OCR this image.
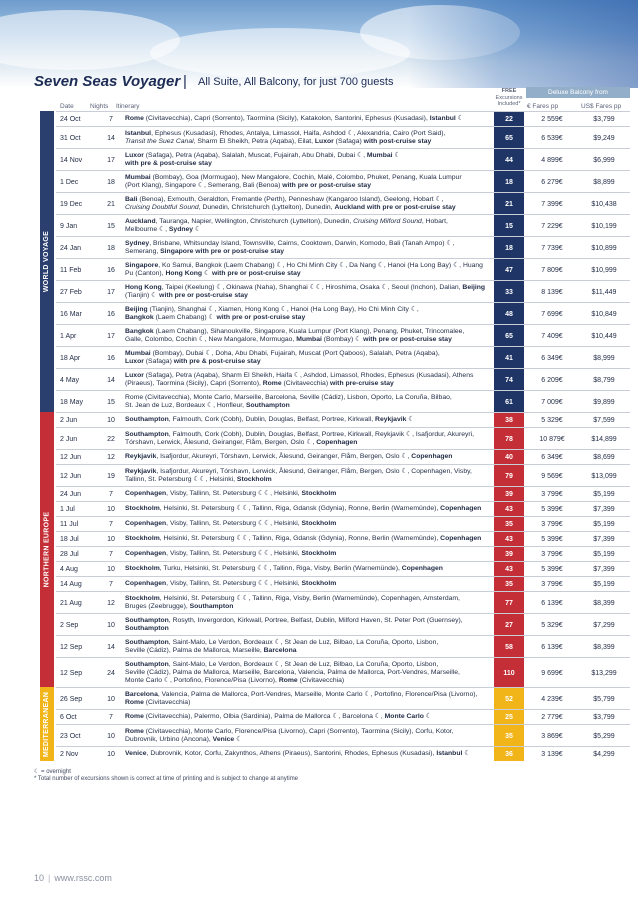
Seven Seas Voyager | All Suite, All Balcony, for just 700 guests
FREE
Excursions
Included*
Deluxe Balcony from
Date	Nights Itinerary	€ Fares pp	US$ Fares pp
WORLD VOYAGE
NORTHERN EUROPE
MEDITERRANEAN
24 Oct	7	Rome (Civitavecchia), Capri (Sorrento), Taormina (Sicily), Katakolon, Santorini, Ephesus (Kusadasi), Istanbul ☾	22	2 559€	$3,799
31 Oct	14
Istanbul, Ephesus (Kusadasi), Rhodes, Antalya, Limassol, Haifa, Ashdod ☾, Alexandria, Cairo (Port Said),
Transit the Suez Canal, Sharm El Sheikh, Petra (Aqaba), Eilat, Luxor (Safaga) with post-cruise stay	65	6 539€	$9,249
14 Nov	17
Luxor (Safaga), Petra (Aqaba), Salalah, Muscat, Fujairah, Abu Dhabi, Dubai ☾, Mumbai ☾
with pre & post-cruise stay	44	4 899€	$6,999
1 Dec	18
Mumbai (Bombay), Goa (Mormugao), New Mangalore, Cochin, Malé, Colombo, Phuket, Penang, Kuala Lumpur
(Port Klang), Singapore ☾, Semerang, Bali (Benoa) with pre or post-cruise stay	18	6 279€	$8,899
19 Dec	21
Bali (Benoa), Exmouth, Geraldton, Fremantle (Perth), Penneshaw (Kangaroo Island), Geelong, Hobart ☾,
Cruising Doubtful Sound, Dunedin, Christchurch (Lyttelton), Dunedin, Auckland with pre or post-cruise stay	21	7 399€	$10,438
9 Jan	15
Auckland, Tauranga, Napier, Wellington, Christchurch (Lyttelton), Dunedin, Cruising Milford Sound, Hobart,
Melbourne ☾, Sydney ☾	15	7 229€	$10,199
24 Jan	18
Sydney, Brisbane, Whitsunday Island, Townsville, Cairns, Cooktown, Darwin, Komodo, Bali (Tanah Ampo) ☾,
Semerang, Singapore with pre or post-cruise stay	18	7 739€	$10,899
11 Feb	16
Singapore, Ko Samui, Bangkok (Laem Chabang) ☾, Ho Chi Minh City ☾, Da Nang ☾, Hanoi (Ha Long Bay) ☾, Huang
Pu (Canton), Hong Kong ☾ with pre or post-cruise stay	47	7 809€	$10,999
27 Feb	17
Hong Kong, Taipei (Keelung) ☾, Okinawa (Naha), Shanghai ☾☾, Hiroshima, Osaka ☾, Seoul (Inchon), Dalian, Beijing
(Tianjin) ☾ with pre or post-cruise stay	33	8 139€	$11,449
16 Mar	16
Beijing (Tianjin), Shanghai ☾, Xiamen, Hong Kong ☾, Hanoi (Ha Long Bay), Ho Chi Minh City ☾,
Bangkok (Laem Chabang) ☾ with pre or post-cruise stay	48	7 699€	$10,849
1 Apr	17
Bangkok (Laem Chabang), Sihanoukville, Singapore, Kuala Lumpur (Port Klang), Penang, Phuket, Trincomalee,
Galle, Colombo, Cochin ☾, New Mangalore, Mormugao, Mumbai (Bombay) ☾ with pre or post-cruise stay	65	7 409€	$10,449
18 Apr	16
Mumbai (Bombay), Dubai ☾, Doha, Abu Dhabi, Fujairah, Muscat (Port Qaboos), Salalah, Petra (Aqaba),
Luxor (Safaga) with pre & post-cruise stay	41	6 349€	$8,999
4 May	14
Luxor (Safaga), Petra (Aqaba), Sharm El Sheikh, Haifa ☾, Ashdod, Limassol, Rhodes, Ephesus (Kusadasi), Athens
(Piraeus), Taormina (Sicily), Capri (Sorrento), Rome (Civitavecchia) with pre-cruise stay	74	6 209€	$8,799
18 May	15
Rome (Civitavecchia), Monte Carlo, Marseille, Barcelona, Seville (Cádiz), Lisbon, Oporto, La Coruña, Bilbao,
St. Jean de Luz, Bordeaux ☾, Honfleur, Southampton	61	7 009€	$9,899
2 Jun	10	Southampton, Falmouth, Cork (Cobh), Dublin, Douglas, Belfast, Portree, Kirkwall, Reykjavik ☾	38	5 329€	$7,599
2 Jun	22
Southampton, Falmouth, Cork (Cobh), Dublin, Douglas, Belfast, Portree, Kirkwall, Reykjavik ☾, Isafjordur, Akureyri,
Tórshavn, Lerwick, Ålesund, Geiranger, Flåm, Bergen, Oslo ☾, Copenhagen	78	10 879€	$14,899
12 Jun	12	Reykjavik, Isafjordur, Akureyri, Tórshavn, Lerwick, Ålesund, Geiranger, Flåm, Bergen, Oslo ☾, Copenhagen	40	6 349€	$8,699
12 Jun	19
Reykjavik, Isafjordur, Akureyri, Tórshavn, Lerwick, Ålesund, Geiranger, Flåm, Bergen, Oslo ☾, Copenhagen, Visby,
Tallinn, St. Petersburg ☾☾, Helsinki, Stockholm	79	9 569€	$13,099
24 Jun	7	Copenhagen, Visby, Tallinn, St. Petersburg ☾☾, Helsinki, Stockholm	39	3 799€	$5,199
1 Jul	10	Stockholm, Helsinki, St. Petersburg ☾☾, Tallinn, Riga, Gdansk (Gdynia), Ronne, Berlin (Warnemünde), Copenhagen	43	5 399€	$7,399
11 Jul	7	Copenhagen, Visby, Tallinn, St. Petersburg ☾☾, Helsinki, Stockholm	35	3 799€	$5,199
18 Jul	10	Stockholm, Helsinki, St. Petersburg ☾☾, Tallinn, Riga, Gdansk (Gdynia), Ronne, Berlin (Warnemünde), Copenhagen	43	5 399€	$7,399
28 Jul	7	Copenhagen, Visby, Tallinn, St. Petersburg ☾☾, Helsinki, Stockholm	39	3 799€	$5,199
4 Aug	10	Stockholm, Turku, Helsinki, St. Petersburg ☾☾, Tallinn, Riga, Visby, Berlin (Warnemünde), Copenhagen	43	5 399€	$7,399
14 Aug	7	Copenhagen, Visby, Tallinn, St. Petersburg ☾☾, Helsinki, Stockholm	35	3 799€	$5,199
21 Aug	12
Stockholm, Helsinki, St. Petersburg ☾☾, Tallinn, Riga, Visby, Berlin (Warnemünde), Copenhagen, Amsterdam,
Bruges (Zeebrugge), Southampton	77	6 139€	$8,399
2 Sep	10
Southampton, Rosyth, Invergordon, Kirkwall, Portree, Belfast, Dublin, Milford Haven, St. Peter Port (Guernsey),
Southampton	27	5 329€	$7,299
12 Sep	14
Southampton, Saint-Malo, Le Verdon, Bordeaux ☾, St Jean de Luz, Bilbao, La Coruña, Oporto, Lisbon,
Seville (Cádiz), Palma de Mallorca, Marseille, Barcelona	58	6 139€	$8,399
12 Sep	24
Southampton, Saint-Malo, Le Verdon, Bordeaux ☾, St Jean de Luz, Bilbao, La Coruña, Oporto, Lisbon,
Seville (Cádiz), Palma de Mallorca, Marseille, Barcelona, Valencia, Palma de Mallorca, Port-Vendres, Marseille,
Monte Carlo ☾, Portofino, Florence/Pisa (Livorno), Rome (Civitavecchia)
110	9 699€	$13,299
26 Sep	10
Barcelona, Valencia, Palma de Mallorca, Port-Vendres, Marseille, Monte Carlo ☾, Portofino, Florence/Pisa (Livorno),
Rome (Civitavecchia)	52	4 239€	$5,799
6 Oct	7	Rome (Civitavecchia), Palermo, Olbia (Sardinia), Palma de Mallorca ☾, Barcelona ☾, Monte Carlo ☾	25	2 779€	$3,799
23 Oct	10
Rome (Civitavecchia), Monte Carlo, Florence/Pisa (Livorno), Capri (Sorrento), Taormina (Sicily), Corfu, Kotor,
Dubrovnik, Urbino (Ancona), Venice ☾	35	3 869€	$5,299
2 Nov	10	Venice, Dubrovnik, Kotor, Corfu, Zakynthos, Athens (Piraeus), Santorini, Rhodes, Ephesus (Kusadasi), Istanbul ☾	36	3 139€	$4,299
☾ = overnight
* Total number of excursions shown is correct at time of printing and is subject to change at anytime
10 | www.rssc.com
